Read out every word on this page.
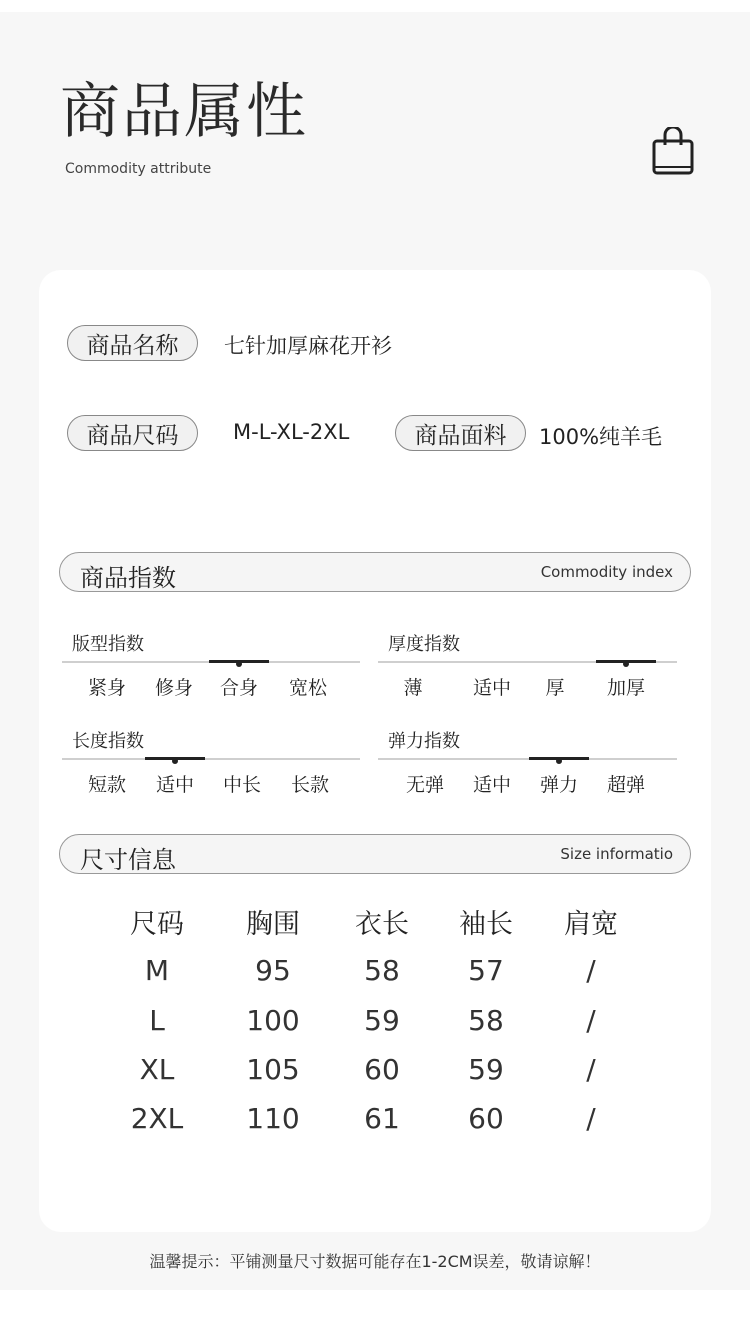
商品属性
Commodity attribute
商品名称	七针加厚麻花开衫
商品尺码	M-L-XL-2XL	商品面料	100%纯羊毛
商品指数	Commodity index
版型指数
紧身	修身	合身	宽松
厚度指数
薄	适中	厚	加厚
长度指数
短款	适中	中长	长款
弹力指数
无弹	适中	弹力	超弹
尺寸信息	Size informatio
尺码	胸围	衣长	袖长	肩宽
M	95	58	57	/
L	100	59	58	/
XL	105	60	59	/
2XL	110	61	60	/
温馨提示：平铺测量尺寸数据可能存在1-2CM误差，敬请谅解！
